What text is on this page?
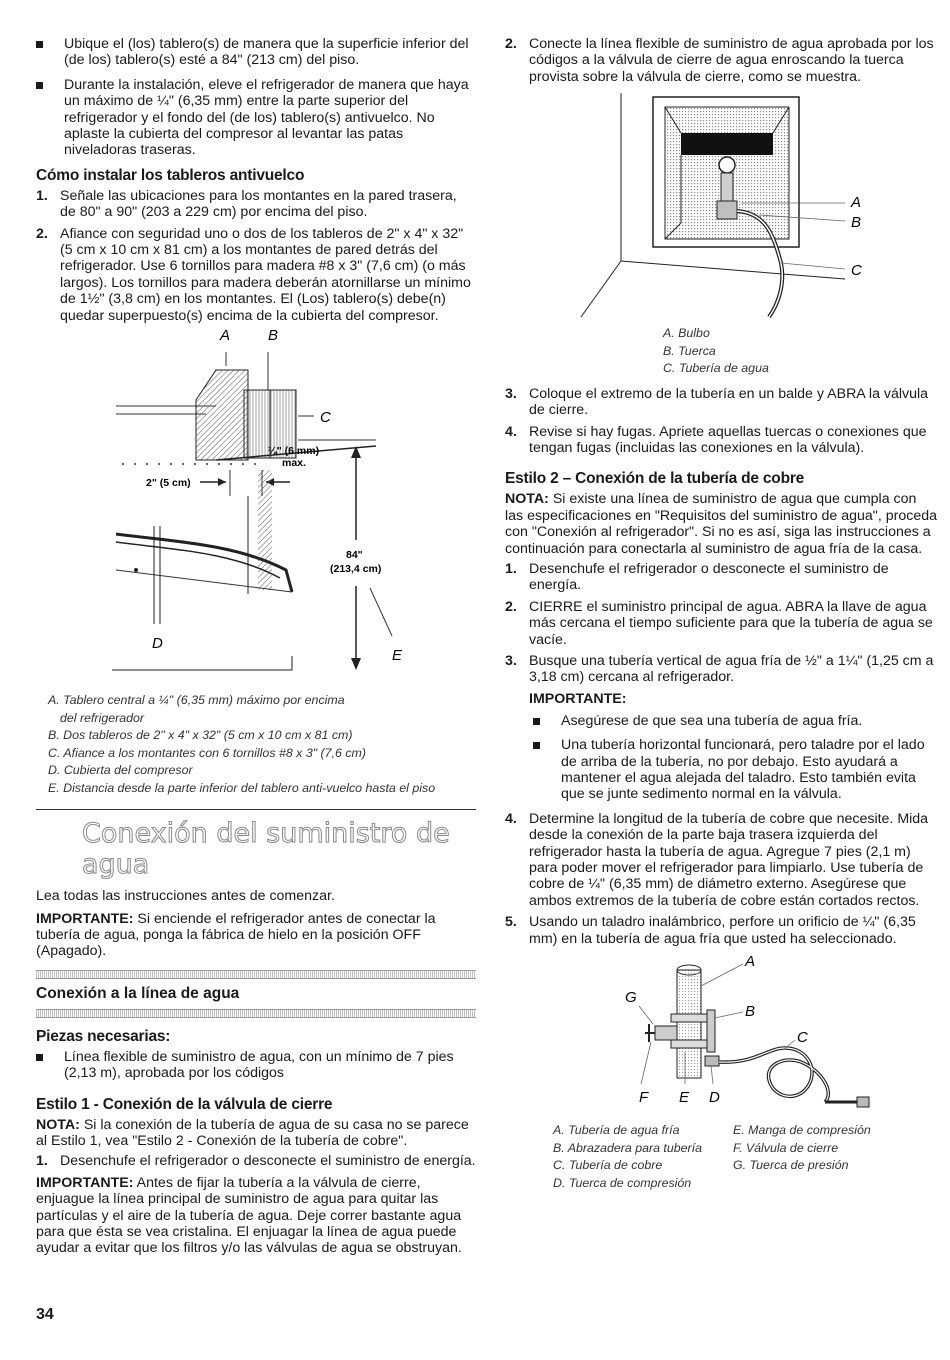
Ubique el (los) tablero(s) de manera que la superficie inferior del (de los) tablero(s) esté a 84" (213 cm) del piso.

Durante la instalación, eleve el refrigerador de manera que haya un máximo de ¼" (6,35 mm) entre la parte superior del refrigerador y el fondo del (de los) tablero(s) antivuelco. No aplaste la cubierta del compresor al levantar las patas niveladoras traseras.

Cómo instalar los tableros antivuelco
1. Señale las ubicaciones para los montantes en la pared trasera, de 80" a 90" (203 a 229 cm) por encima del piso.
2. Afiance con seguridad uno o dos de los tableros de 2" x 4" x 32" (5 cm x 10 cm x 81 cm) a los montantes de pared detrás del refrigerador. Use 6 tornillos para madera #8 x 3" (7,6 cm) (o más largos). Los tornillos para madera deberán atornillarse un mínimo de 1½" (3,8 cm) en los montantes. El (Los) tablero(s) debe(n) quedar superpuesto(s) encima de la cubierta del compresor.
A	B
C
¼" (6 mm)
max.
2" (5 cm)
D
84"
(213,4 cm)
E

A. Tablero central a ¼" (6,35 mm) máximo por encima

del refrigerador

B. Dos tableros de 2" x 4" x 32" (5 cm x 10 cm x 81 cm)

C. Afiance a los montantes con 6 tornillos #8 x 3" (7,6 cm)

D. Cubierta del compresor

E. Distancia desde la parte inferior del tablero anti-vuelco hasta el piso

Conexión del suministro de agua

Lea todas las instrucciones antes de comenzar.

IMPORTANTE: Si enciende el refrigerador antes de conectar la tubería de agua, ponga la fábrica de hielo en la posición OFF (Apagado).

Conexión a la línea de agua
Piezas necesarias:

Línea flexible de suministro de agua, con un mínimo de 7 pies (2,13 m), aprobada por los códigos

Estilo 1 - Conexión de la válvula de cierre

NOTA: Si la conexión de la tubería de agua de su casa no se parece al Estilo 1, vea "Estilo 2 - Conexión de la tubería de cobre".

1. Desenchufe el refrigerador o desconecte el suministro de energía.

IMPORTANTE: Antes de fijar la tubería a la válvula de cierre, enjuague la línea principal de suministro de agua para quitar las partículas y el aire de la tubería de agua. Deje correr bastante agua para que ésta se vea cristalina. El enjuagar la línea de agua puede ayudar a evitar que los filtros y/o las válvulas de agua se obstruyan.

2. Conecte la línea flexible de suministro de agua aprobada por los códigos a la válvula de cierre de agua enroscando la tuerca provista sobre la válvula de cierre, como se muestra.
A
B
C

A. Bulbo

B. Tuerca

C. Tubería de agua

3. Coloque el extremo de la tubería en un balde y ABRA la válvula de cierre.
4. Revise si hay fugas. Apriete aquellas tuercas o conexiones que tengan fugas (incluidas las conexiones en la válvula).
Estilo 2 – Conexión de la tubería de cobre

NOTA: Si existe una línea de suministro de agua que cumpla con las especificaciones en "Requisitos del suministro de agua", proceda con "Conexión al refrigerador". Si no es así, siga las instrucciones a continuación para conectarla al suministro de agua fría de la casa.

1. Desenchufe el refrigerador o desconecte el suministro de energía.
2. CIERRE el suministro principal de agua. ABRA la llave de agua más cercana el tiempo suficiente para que la tubería de agua se vacíe.
3. Busque una tubería vertical de agua fría de ½" a 1¼" (1,25 cm a 3,18 cm) cercana al refrigerador.
IMPORTANTE:

Asegúrese de que sea una tubería de agua fría.

Una tubería horizontal funcionará, pero taladre por el lado de arriba de la tubería, no por debajo. Esto ayudará a mantener el agua alejada del taladro. Esto también evita que se junte sedimento normal en la válvula.

4. Determine la longitud de la tubería de cobre que necesite. Mida desde la conexión de la parte baja trasera izquierda del refrigerador hasta la tubería de agua. Agregue 7 pies (2,1 m) para poder mover el refrigerador para limpiarlo. Use tubería de cobre de ¼" (6,35 mm) de diámetro externo. Asegúrese que ambos extremos de la tubería de cobre están cortados rectos.
5. Usando un taladro inalámbrico, perfore un orificio de ¼" (6,35 mm) en la tubería de agua fría que usted ha seleccionado.
A
B
C
G
F E D

A. Tubería de agua fría

B. Abrazadera para tubería

C. Tubería de cobre

D. Tuerca de compresión

E. Manga de compresión

F. Válvula de cierre

G. Tuerca de presión

34
